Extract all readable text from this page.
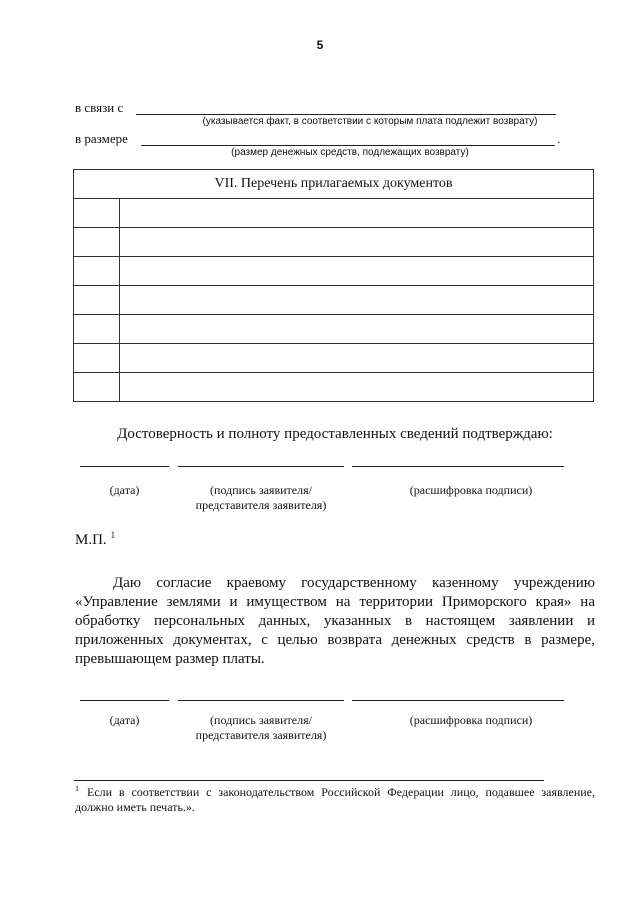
5
в связи с
(указывается факт, в соответствии с которым плата подлежит возврату)
в размере	.
(размер денежных средств, подлежащих возврату)
VII. Перечень прилагаемых документов	

Достоверность и полноту предоставленных сведений подтверждаю:
(дата)	(подпись заявителя/представителя заявителя)
(расшифровка подписи)
М.П. $^1$
Даю согласие краевому государственному казенному учреждению «Управление землями и имуществом на территории Приморского края» на обработку персональных данных, указанных в настоящем заявлении и приложенных документах, с целью возврата денежных средств в размере, превышающем размер платы.
(дата)	(подпись заявителя/представителя заявителя)
(расшифровка подписи)
$^1$ Если в соответствии с законодательством Российской Федерации лицо, подавшее заявление, должно иметь печать.».
